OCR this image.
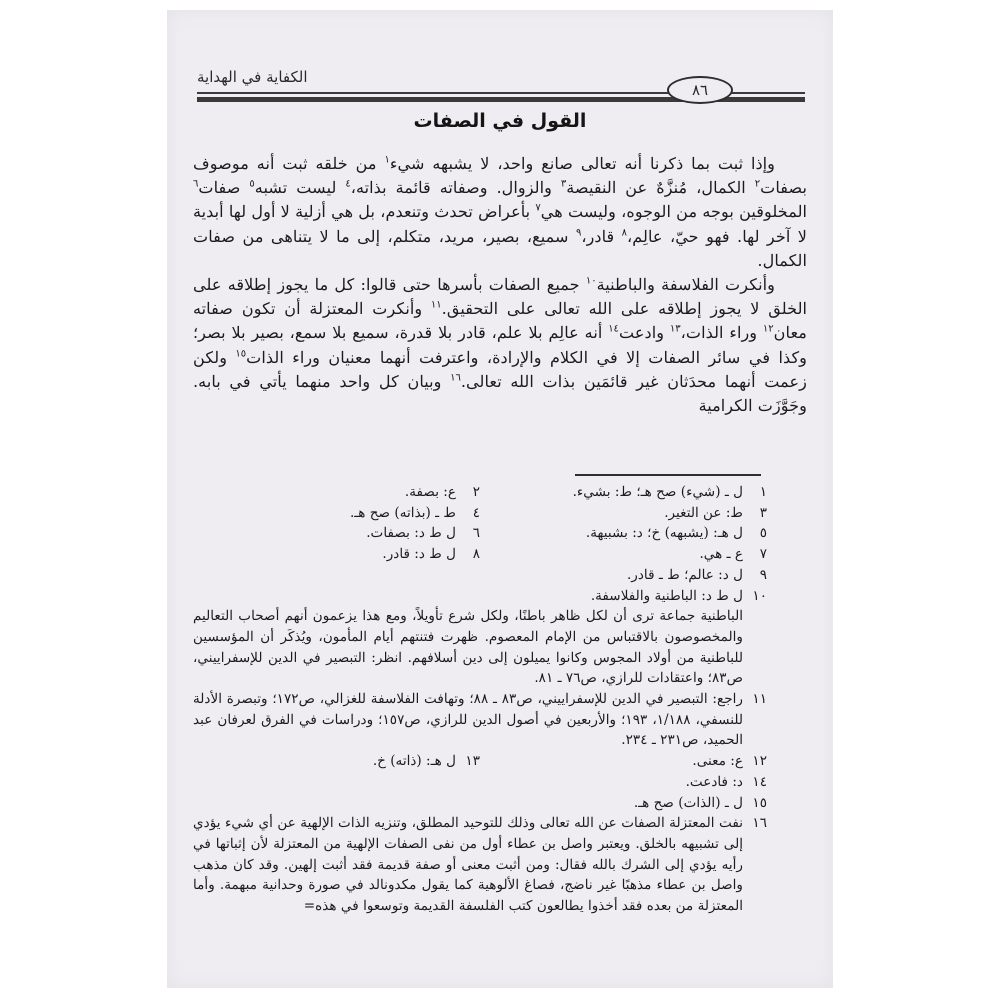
الكفاية في الهداية
٨٦
القول في الصفات

وإذا ثبت بما ذكرنا أنه تعالى صانع واحد، لا يشبهه شيء$^١$ من خلقه ثبت أنه موصوف بصفات$^٢$ الكمال، مُنزَّهٌ عن النقيصة$^٣$ والزوال. وصفاته قائمة بذاته،$^٤$ ليست تشبه$^٥$ صفات$^٦$ المخلوقين بوجه من الوجوه، وليست هي$^٧$ بأعراض تحدث وتنعدم، بل هي أزلية لا أول لها أبدية لا آخر لها. فهو حيّ، عالِم،$^٨$ قادر،$^٩$ سميع، بصير، مريد، متكلم، إلى ما لا يتناهى من صفات الكمال.

وأنكرت الفلاسفة والباطنية$^{١٠}$ جميع الصفات بأسرها حتى قالوا: كل ما يجوز إطلاقه على الخلق لا يجوز إطلاقه على الله تعالى على التحقيق.$^{١١}$ وأنكرت المعتزلة أن تكون صفاته معان$^{١٢}$ وراء الذات،$^{١٣}$ وادعت$^{١٤}$ أنه عالِم بلا علم، قادر بلا قدرة، سميع بلا سمع، بصير بلا بصر؛ وكذا في سائر الصفات إلا في الكلام والإرادة، واعترفت أنهما معنيان وراء الذات$^{١٥}$ ولكن زعمت أنهما محدَثان غير قائمَين بذات الله تعالى.$^{١٦}$ وبيان كل واحد منهما يأتي في بابه. وجَوَّزَت الكرامية

١
ل ـ (شيء) صح هـ؛ ط: بشيء.
٢
ع: بصفة.
٣
ط: عن التغير.
٤
ط ـ (بذاته) صح هـ.
٥
ل هـ: (يشبهه) خ؛ د: بشبيهة.
٦
ل ط د: بصفات.
٧
ع ـ هي.
٨
ل ط د: قادر.
٩
ل د: عالم؛ ط ـ قادر.
١٠
ل ط د: الباطنية والفلاسفة.
الباطنية جماعة ترى أن لكل ظاهر باطنًا، ولكل شرع تأويلاً، ومع هذا يزعمون أنهم أصحاب التعاليم والمخصوصون بالاقتباس من الإمام المعصوم. ظهرت فتنتهم أيام المأمون، ويُذكَر أن المؤسسين للباطنية من أولاد المجوس وكانوا يميلون إلى دين أسلافهم. انظر: التبصير في الدين للإسفراييني، ص٨٣؛ واعتقادات للرازي، ص٧٦ ـ ٨١.
١١
راجع: التبصير في الدين للإسفراييني، ص٨٣ ـ ٨٨؛ وتهافت الفلاسفة للغزالي، ص١٧٢؛ وتبصرة الأدلة للنسفي، ١/١٨٨، ١٩٣؛ والأربعين في أصول الدين للرازي، ص١٥٧؛ ودراسات في الفرق لعرفان عبد الحميد، ص٢٣١ ـ ٢٣٤.
١٢
ع: معنى.
١٣
ل هـ: (ذاته) خ.
١٤
د: فادعت.
١٥
ل ـ (الذات) صح هـ.
١٦
نفت المعتزلة الصفات عن الله تعالى وذلك للتوحيد المطلق، وتنزيه الذات الإلهية عن أي شيء يؤدي إلى تشبيهه بالخلق. ويعتبر واصل بن عطاء أول من نفى الصفات الإلهية من المعتزلة لأن إثباتها في رأيه يؤدي إلى الشرك بالله فقال: ومن أثبت معنى أو صفة قديمة فقد أثبت إلهين. وقد كان مذهب واصل بن عطاء مذهبًا غير ناضج، فصاغ الألوهية كما يقول مكدونالد في صورة وحدانية مبهمة. وأما المعتزلة من بعده فقد أخذوا يطالعون كتب الفلسفة القديمة وتوسعوا في هذه=
